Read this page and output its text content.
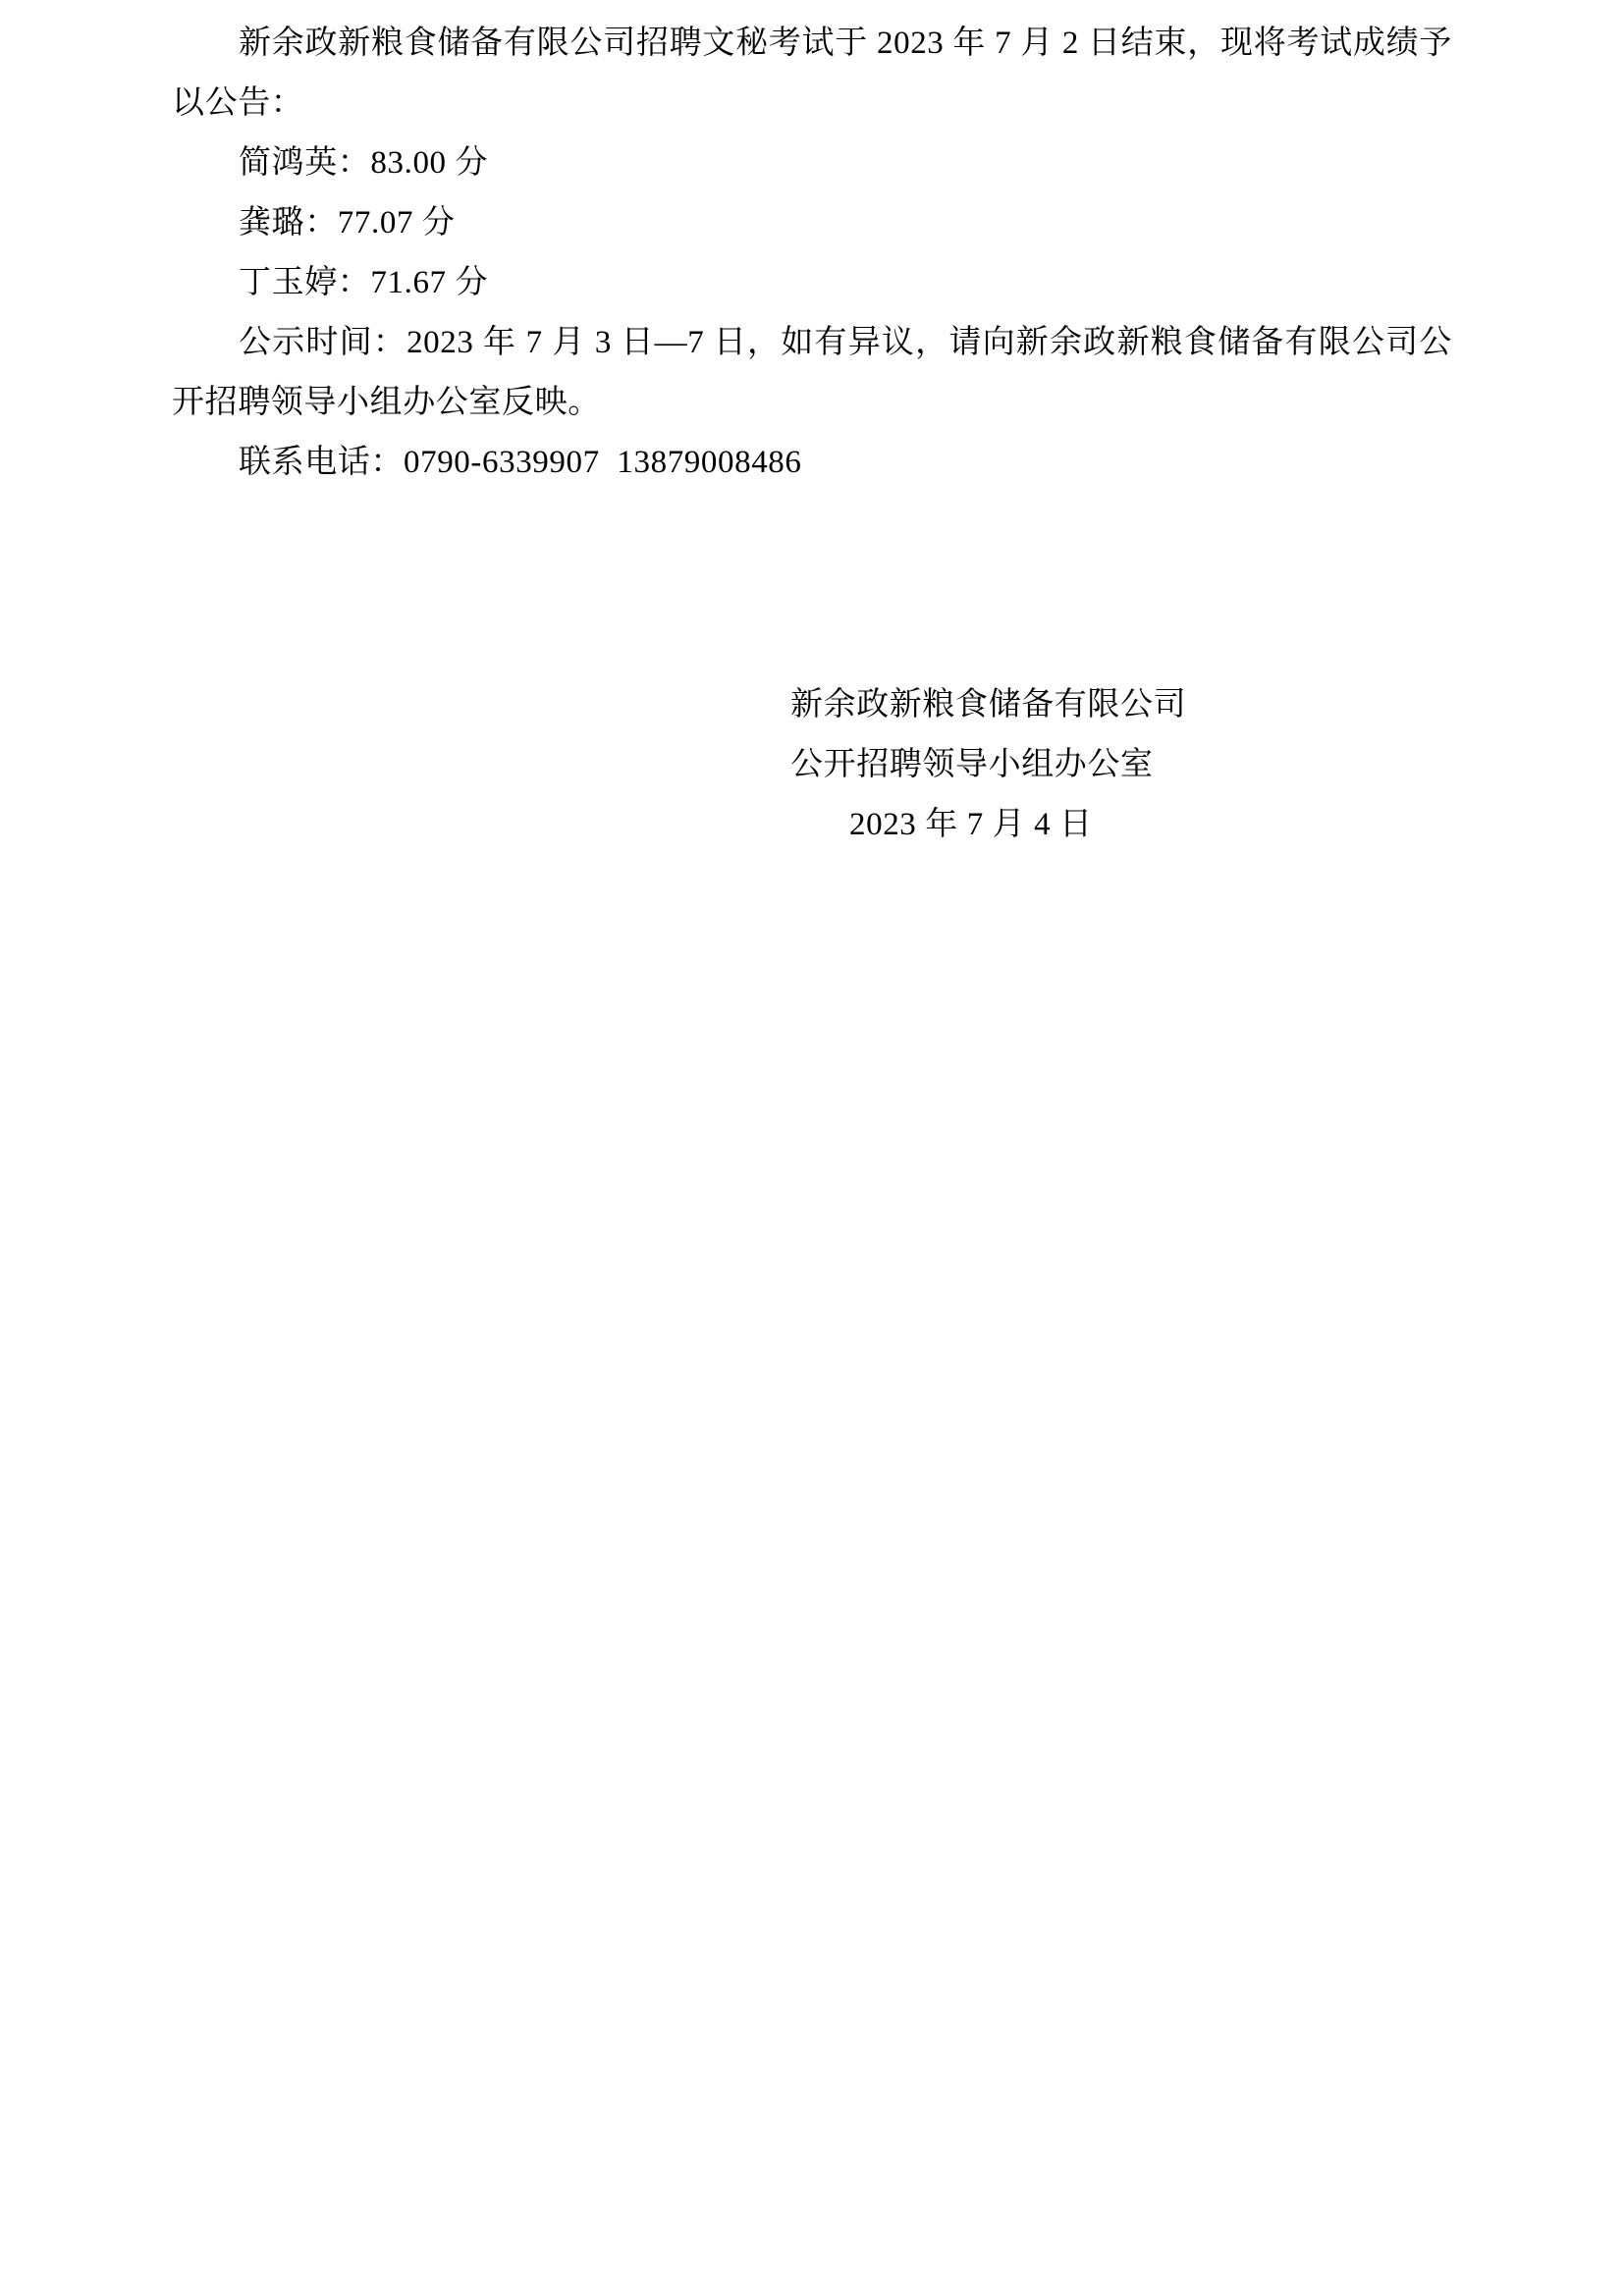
新余政新粮食储备有限公司招聘文秘考试于 2023 年 7 月 2 日结束，现将考试成绩予以公告：

简鸿英：83.00 分

龚璐：77.07 分

丁玉婷：71.67 分

公示时间：2023 年 7 月 3 日—7 日，如有异议，请向新余政新粮食储备有限公司公开招聘领导小组办公室反映。

联系电话：0790-6339907  13879008486

新余政新粮食储备有限公司

公开招聘领导小组办公室

2023 年 7 月 4 日
